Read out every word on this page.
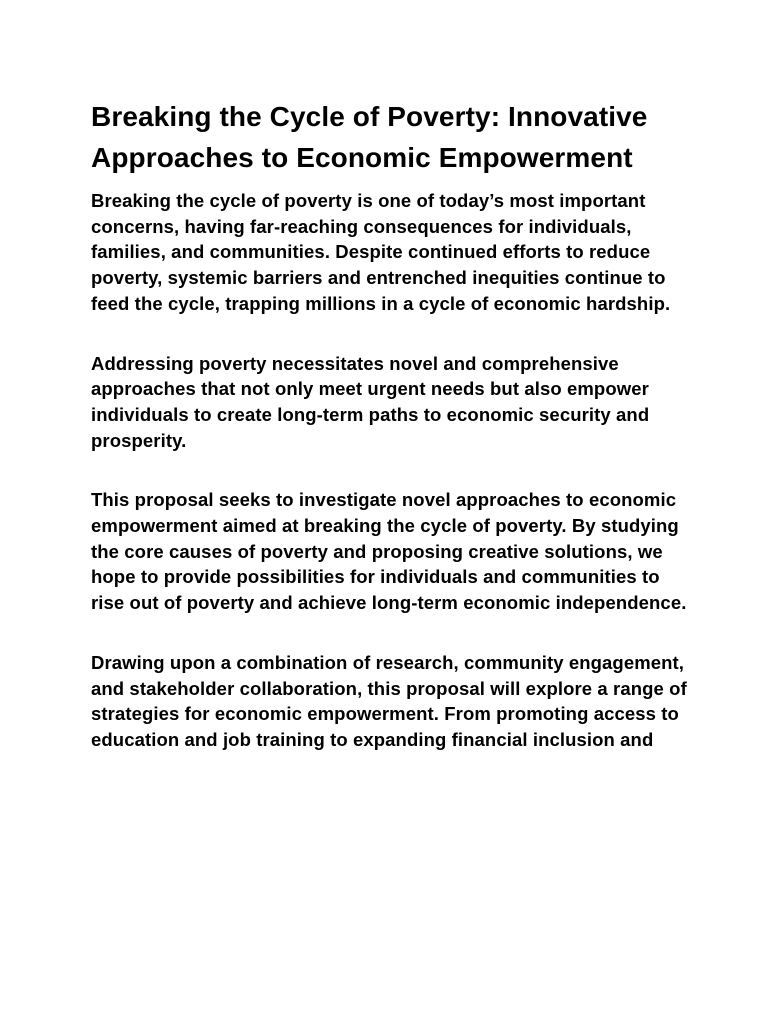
Breaking the Cycle of Poverty: Innovative Approaches to Economic Empowerment

Breaking the cycle of poverty is one of today’s most important concerns, having far-reaching consequences for individuals, families, and communities. Despite continued efforts to reduce poverty, systemic barriers and entrenched inequities continue to feed the cycle, trapping millions in a cycle of economic hardship.

Addressing poverty necessitates novel and comprehensive approaches that not only meet urgent needs but also empower individuals to create long-term paths to economic security and prosperity.

This proposal seeks to investigate novel approaches to economic empowerment aimed at breaking the cycle of poverty. By studying the core causes of poverty and proposing creative solutions, we hope to provide possibilities for individuals and communities to rise out of poverty and achieve long-term economic independence.

Drawing upon a combination of research, community engagement, and stakeholder collaboration, this proposal will explore a range of strategies for economic empowerment. From promoting access to education and job training to expanding financial inclusion and
